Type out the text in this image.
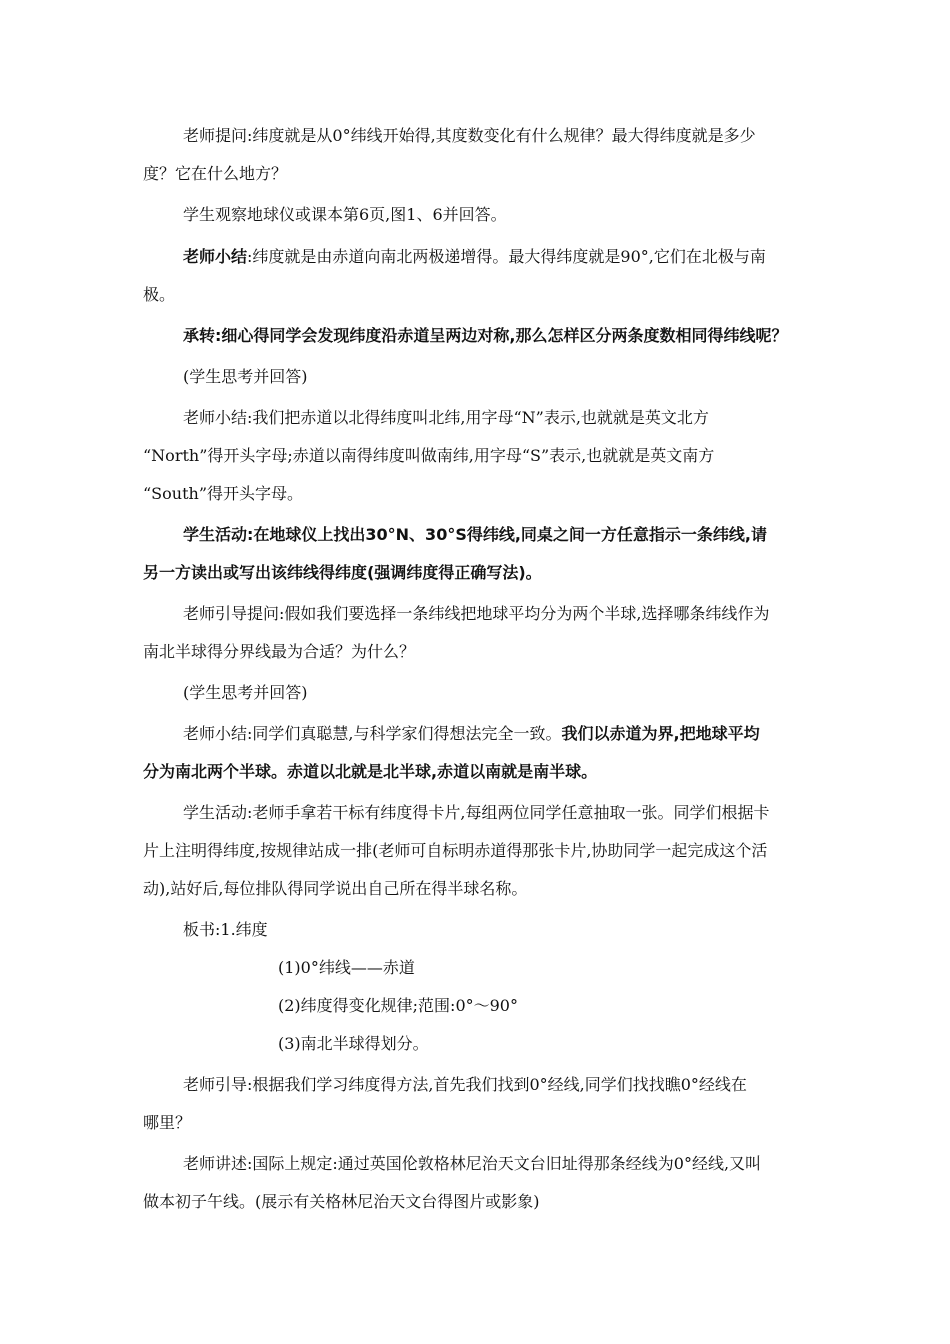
老师提问:纬度就是从0°纬线开始得,其度数变化有什么规律？最大得纬度就是多少
度？它在什么地方？
学生观察地球仪或课本第6页,图1、6并回答。
老师小结:纬度就是由赤道向南北两极递增得。最大得纬度就是90°,它们在北极与南
极。
承转:细心得同学会发现纬度沿赤道呈两边对称,那么怎样区分两条度数相同得纬线呢？
(学生思考并回答)
老师小结:我们把赤道以北得纬度叫北纬,用字母“N”表示,也就就是英文北方
“North”得开头字母;赤道以南得纬度叫做南纬,用字母“S”表示,也就就是英文南方
“South”得开头字母。
学生活动:在地球仪上找出30°N、30°S得纬线,同桌之间一方任意指示一条纬线,请
另一方读出或写出该纬线得纬度(强调纬度得正确写法)。
老师引导提问:假如我们要选择一条纬线把地球平均分为两个半球,选择哪条纬线作为
南北半球得分界线最为合适？为什么？
(学生思考并回答)
老师小结:同学们真聪慧,与科学家们得想法完全一致。我们以赤道为界,把地球平均
分为南北两个半球。赤道以北就是北半球,赤道以南就是南半球。
学生活动:老师手拿若干标有纬度得卡片,每组两位同学任意抽取一张。同学们根据卡
片上注明得纬度,按规律站成一排(老师可自标明赤道得那张卡片,协助同学一起完成这个活
动),站好后,每位排队得同学说出自己所在得半球名称。
板书:1.纬度
(1)0°纬线——赤道
(2)纬度得变化规律;范围:0°～90°
(3)南北半球得划分。
老师引导:根据我们学习纬度得方法,首先我们找到0°经线,同学们找找瞧0°经线在
哪里？
老师讲述:国际上规定:通过英国伦敦格林尼治天文台旧址得那条经线为0°经线,又叫
做本初子午线。(展示有关格林尼治天文台得图片或影象)
